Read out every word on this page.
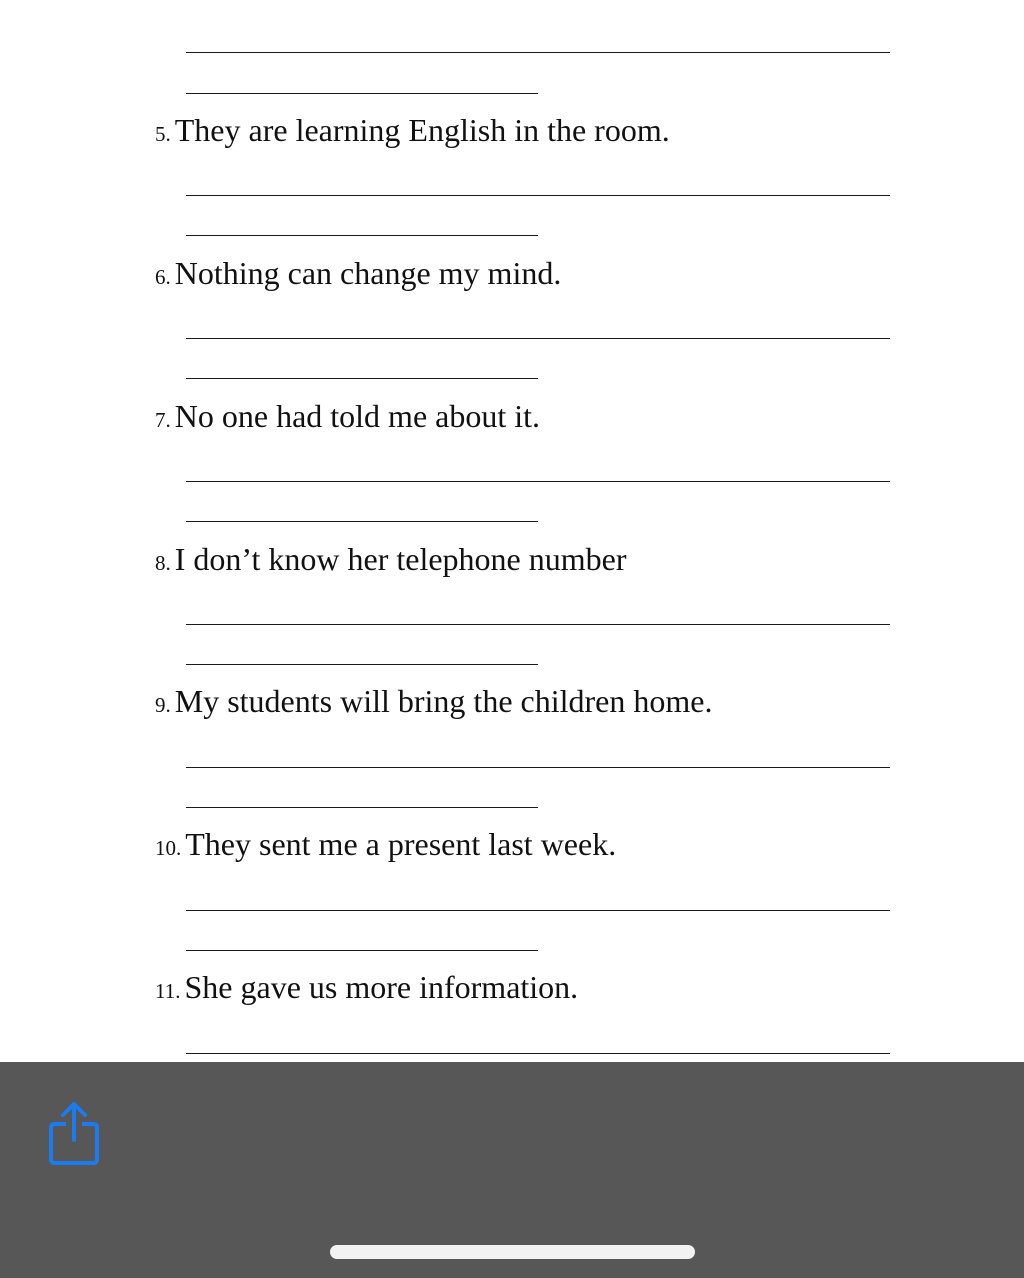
5. They are learning English in the room.
6. Nothing can change my mind.
7. No one had told me about it.
8. I don’t know her telephone number
9. My students will bring the children home.
10. They sent me a present last week.
11. She gave us more information.
